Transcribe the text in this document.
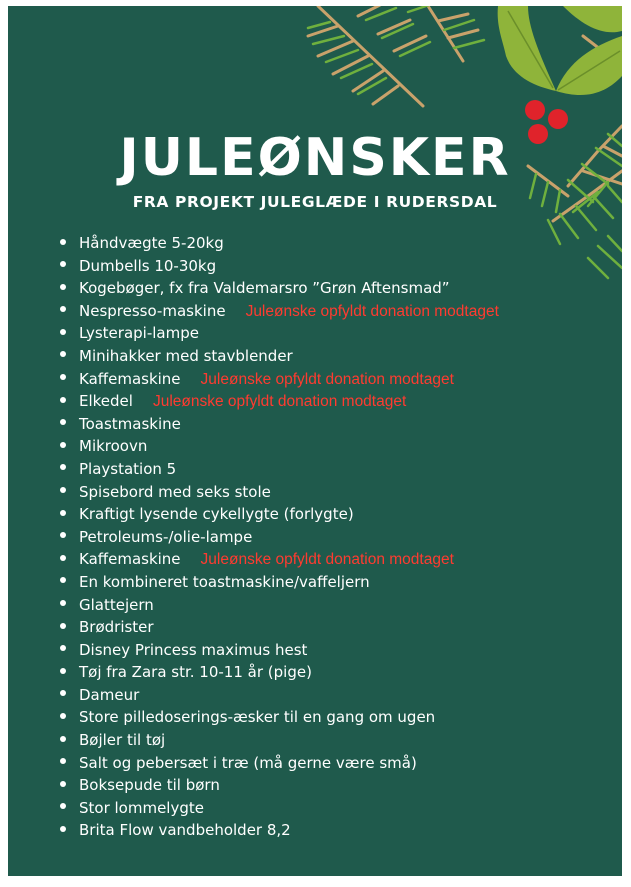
JULEØNSKER
FRA PROJEKT JULEGLÆDE I RUDERSDAL
Håndvægte 5-20kg
Dumbells 10-30kg
Kogebøger, fx fra Valdemarsro ”Grøn Aftensmad”
Nespresso-maskine Juleønske opfyldt donation modtaget
Lysterapi-lampe
Minihakker med stavblender
Kaffemaskine Juleønske opfyldt donation modtaget
Elkedel Juleønske opfyldt donation modtaget
Toastmaskine
Mikroovn
Playstation 5
Spisebord med seks stole
Kraftigt lysende cykellygte (forlygte)
Petroleums-/olie-lampe
Kaffemaskine Juleønske opfyldt donation modtaget
En kombineret toastmaskine/vaffeljern
Glattejern
Brødrister
Disney Princess maximus hest
Tøj fra Zara str. 10-11 år (pige)
Dameur
Store pilledoserings-æsker til en gang om ugen
Bøjler til tøj
Salt og pebersæt i træ (må gerne være små)
Boksepude til børn
Stor lommelygte
Brita Flow vandbeholder 8,2
